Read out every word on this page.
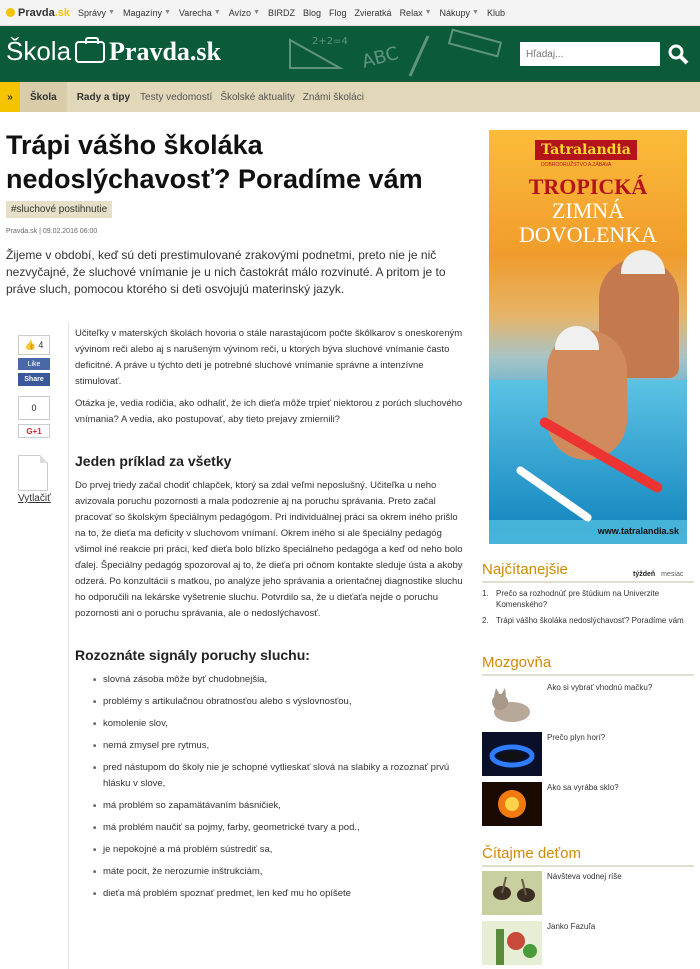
Pravda .sk Správy ▼ Magazíny ▼ Varecha ▼ Avízo ▼ BIRDZ Blog Flog Zvieratká Relax ▼ Nákupy ▼ Klub
Škola Pravda.sk	2+2=4
ABC
Hľadaj...
»	Škola	Rady a tipy	Testy vedomostí Školské aktuality Známi školáci
Trápi vášho školáka nedoslýchavosť? Poradíme vám
#sluchové postihnutie
Pravda.sk | 09.02.2016 06:00
Žijeme v období, keď sú deti prestimulované zrakovými podnetmi, preto nie je nič nezvyčajné, že sluchové vnímanie je u nich častokrát málo rozvinuté. A pritom je to práve sluch, pomocou ktorého si deti osvojujú materinský jazyk.
👍
4
Like
Share
0
G+1
Vytlačiť

Učiteľky v materských školách hovoria o stále narastajúcom počte škôlkarov s oneskoreným vývinom reči alebo aj s narušeným vývinom reči, u ktorých býva sluchové vnímanie často deficitné. A práve u týchto detí je potrebné sluchové vnímanie správne a intenzívne stimulovať.

Otázka je, vedia rodičia, ako odhaliť, že ich dieťa môže trpieť niektorou z porúch sluchového vnímania? A vedia, ako postupovať, aby tieto prejavy zmiernili?

Jeden príklad za všetky

Do prvej triedy začal chodiť chlapček, ktorý sa zdal veľmi neposlušný. Učiteľka u neho avizovala poruchu pozornosti a mala podozrenie aj na poruchu správania. Preto začal pracovať so školským špeciálnym pedagógom. Pri individuálnej práci sa okrem iného prišlo na to, že dieťa ma deficity v sluchovom vnímaní. Okrem iného si ale špeciálny pedagóg všimol iné reakcie pri práci, keď dieťa bolo blízko špeciálneho pedagóga a keď od neho bolo ďalej. Špeciálny pedagóg spozoroval aj to, že dieťa pri očnom kontakte sleduje ústa a akoby odzerá. Po konzultácii s matkou, po analýze jeho správania a orientačnej diagnostike sluchu ho odporučili na lekárske vyšetrenie sluchu. Potvrdilo sa, že u dieťaťa nejde o poruchu pozornosti ani o poruchu správania, ale o nedoslýchavosť.

Rozoznáte signály poruchy sluchu:
■ slovná zásoba môže byť chudobnejšia,
■ problémy s artikulačnou obratnosťou alebo s výslovnosťou,
■ komolenie slov,
■ nemá zmysel pre rytmus,
■ pred nástupom do školy nie je schopné vytlieskať slová na slabiky a rozoznať prvú hlásku v slove,
■ má problém so zapamätávaním básničiek,
■ má problém naučiť sa pojmy, farby, geometrické tvary a pod.,
■ je nepokojné a má problém sústrediť sa,
■ máte pocit, že nerozumie inštrukciám,
■ dieťa má problém spoznať predmet, len keď mu ho opíšete
Tatralandia
DOBRODRUŽSTVO A ZÁBAVA
TROPICKÁ
ZIMNÁ
DOVOLENKA
www.tatralandia.sk
Najčítanejšie	týždeň mesiac
1. Prečo sa rozhodnúť pre štúdium na Univerzite Komenského?
2. Trápi vášho školáka nedoslýchavosť? Poradíme vám
Mozgovňa
Ako si vybrať vhodnú mačku?
Prečo plyn horí?
Ako sa vyrába sklo?
Čítajme deťom
Návšteva vodnej ríše
Janko Fazuľa
